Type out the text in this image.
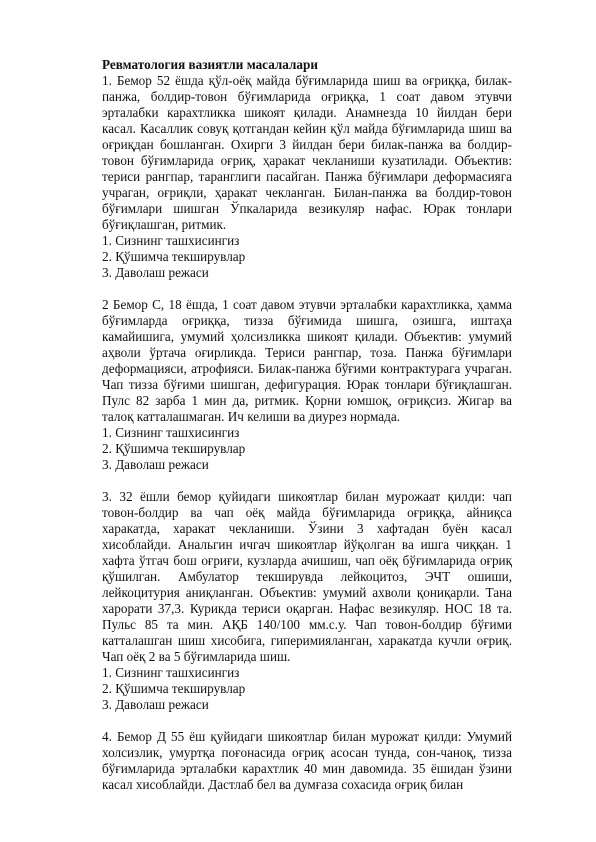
Ревматология вазиятли масалалари

1. Бемор 52 ёшда қўл-оёқ майда бўғимларида шиш ва оғриққа, билак-панжа, болдир-товон бўғимларида оғриққа, 1 соат давом этувчи эрталабки карахтликка шикоят қилади. Анамнезда 10 йилдан бери касал. Касаллик совуқ қотгандан кейин қўл майда бўғимларида шиш ва оғриқдан бошланган. Охирги 3 йилдан бери билак-панжа ва болдир-товон бўғимларида оғриқ, ҳаракат чекланиши кузатилади. Объектив: териси рангпар, таранглиги пасайган. Панжа бўғимлари деформасияга учраган, оғриқли, ҳаракат чекланган. Билан-панжа ва болдир-товон бўғимлари шишган Ўпкаларида везикуляр нафас. Юрак тонлари бўғиқлашган, ритмик.

1. Сизнинг ташхисингиз

2. Қўшимча текширувлар

3. Даволаш режаси

2 Бемор С, 18 ёшда, 1 соат давом этувчи эрталабки карахтликка, ҳамма бўғимларда оғриққа, тизза бўғимида шишга, озишга, иштаҳа камайишига, умумий ҳолсизликка шикоят қилади. Объектив: умумий аҳволи ўртача оғирликда. Териси рангпар, тоза. Панжа бўғимлари деформацияси, атрофияси. Билак-панжа бўғими контрактурага учраган. Чап тизза бўғими шишган, дефигурация. Юрак тонлари бўғиқлашган. Пулс 82 зарба 1 мин да, ритмик. Қорни юмшоқ, оғриқсиз. Жигар ва талоқ катталашмаган. Ич келиши ва диурез нормада.

1. Сизнинг ташхисингиз

2. Қўшимча текширувлар

3. Даволаш режаси

3. 32 ёшли бемор қуйидаги шикоятлар билан мурожаат қилди: чап товон-болдир ва чап оёқ майда бўғимларида оғриққа, айниқса харакатда, харакат чекланиши. Ўзини 3 хафтадан буён касал хисоблайди. Анальгин ичгач шикоятлар йўқолган ва ишга чиққан. 1 хафта ўтгач бош оғриғи, кузларда ачишиш, чап оёқ бўғимларида оғриқ қўшилган. Амбулатор текширувда лейкоцитоз, ЭЧТ ошиши, лейкоцитурия аниқланган. Объектив: умумий ахволи қониқарли. Тана харорати 37,3. Курикда териси оқарган. Нафас везикуляр. НОС 18 та. Пульс 85 та мин. АҚБ 140/100 мм.с.у. Чап товон-болдир бўғими катталашган шиш хисобига, гиперимияланган, харакатда кучли оғриқ. Чап оёқ 2 ва 5 бўғимларида шиш.

1. Сизнинг ташхисингиз

2. Қўшимча текширувлар

3. Даволаш режаси

4. Бемор Д 55 ёш қуйидаги шикоятлар билан мурожат қилди: Умумий холсизлик, умуртқа поғонасида оғриқ асосан тунда, сон-чаноқ, тизза бўғимларида эрталабки карахтлик 40 мин давомида. 35 ёшидан ўзини касал хисоблайди. Дастлаб бел ва думғаза сохасида оғриқ билан
